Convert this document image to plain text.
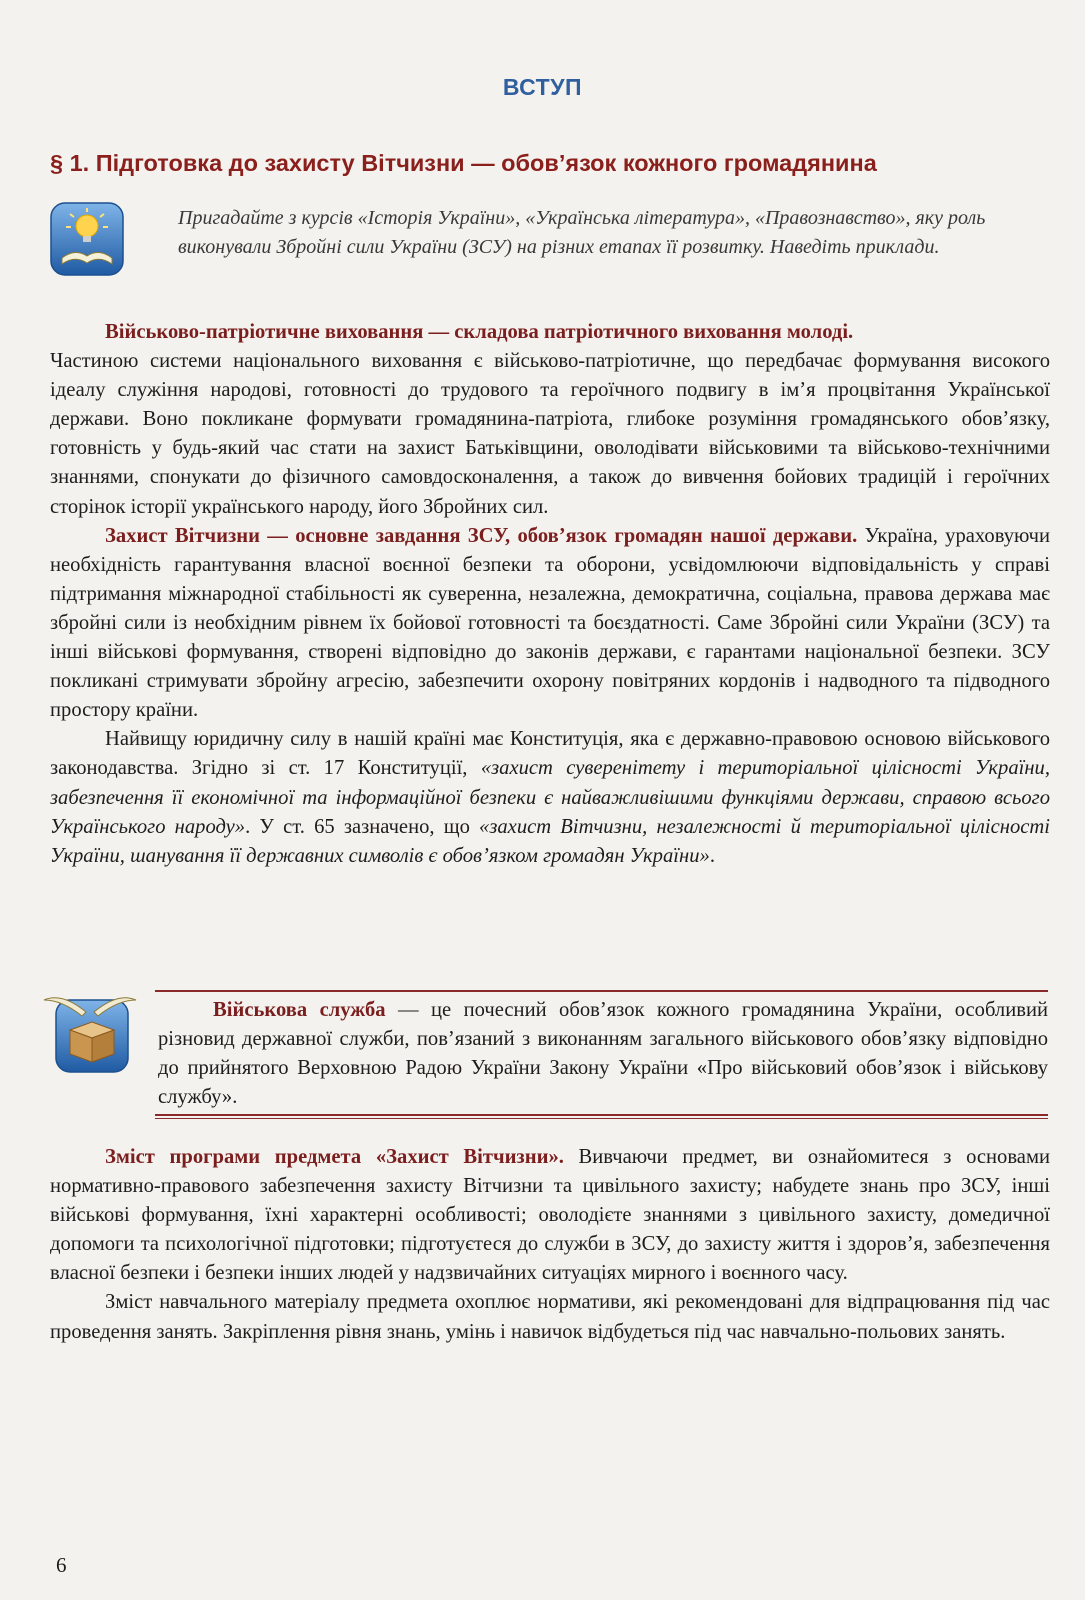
ВСТУП
§ 1. Підготовка до захисту Вітчизни — обов’язок кожного громадянина
Пригадайте з курсів «Історія України», «Українська література», «Правознавство», яку роль виконували Збройні сили України (ЗСУ) на різних етапах її розвитку. Наведіть приклади.

Військово-патріотичне виховання — складова патріотичного виховання молоді.
Частиною системи національного виховання є військово-патріотичне, що передбачає формування високого ідеалу служіння народові, готовності до трудового та героїчного подвигу в ім’я процвітання Української держави. Воно покликане формувати громадянина-патріота, глибоке розуміння громадянського обов’язку, готовність у будь-який час стати на захист Батьківщини, оволодівати військовими та військово-технічними знаннями, спонукати до фізичного самовдосконалення, а також до вивчення бойових традицій і героїчних сторінок історії українського народу, його Збройних сил.

Захист Вітчизни — основне завдання ЗСУ, обов’язок громадян нашої держави. Україна, ураховуючи необхідність гарантування власної воєнної безпеки та оборони, усвідомлюючи відповідальність у справі підтримання міжнародної стабільності як суверенна, незалежна, демократична, соціальна, правова держава має збройні сили із необхідним рівнем їх бойової готовності та боєздатності. Саме Збройні сили України (ЗСУ) та інші військові формування, створені відповідно до законів держави, є гарантами національної безпеки. ЗСУ покликані стримувати збройну агресію, забезпечити охорону повітряних кордонів і надводного та підводного простору країни.

Найвищу юридичну силу в нашій країні має Конституція, яка є державно-правовою основою військового законодавства. Згідно зі ст. 17 Конституції, «захист суверенітету і територіальної цілісності України, забезпечення її економічної та інформаційної безпеки є найважливішими функціями держави, справою всього Українського народу». У ст. 65 зазначено, що «захист Вітчизни, незалежності й територіальної цілісності України, шанування її державних символів є обов’язком громадян України».

Військова служба — це почесний обов’язок кожного громадянина України, особливий різновид державної служби, пов’язаний з виконанням загального військового обов’язку відповідно до прийнятого Верховною Радою України Закону України «Про військовий обов’язок і військову службу».

Зміст програми предмета «Захист Вітчизни». Вивчаючи предмет, ви ознайомитеся з основами нормативно-правового забезпечення захисту Вітчизни та цивільного захисту; набудете знань про ЗСУ, інші військові формування, їхні характерні особливості; оволодієте знаннями з цивільного захисту, домедичної допомоги та психологічної підготовки; підготуєтеся до служби в ЗСУ, до захисту життя і здоров’я, забезпечення власної безпеки і безпеки інших людей у надзвичайних ситуаціях мирного і воєнного часу.

Зміст навчального матеріалу предмета охоплює нормативи, які рекомендовані для відпрацювання під час проведення занять. Закріплення рівня знань, умінь і навичок відбудеться під час навчально-польових занять.

6
